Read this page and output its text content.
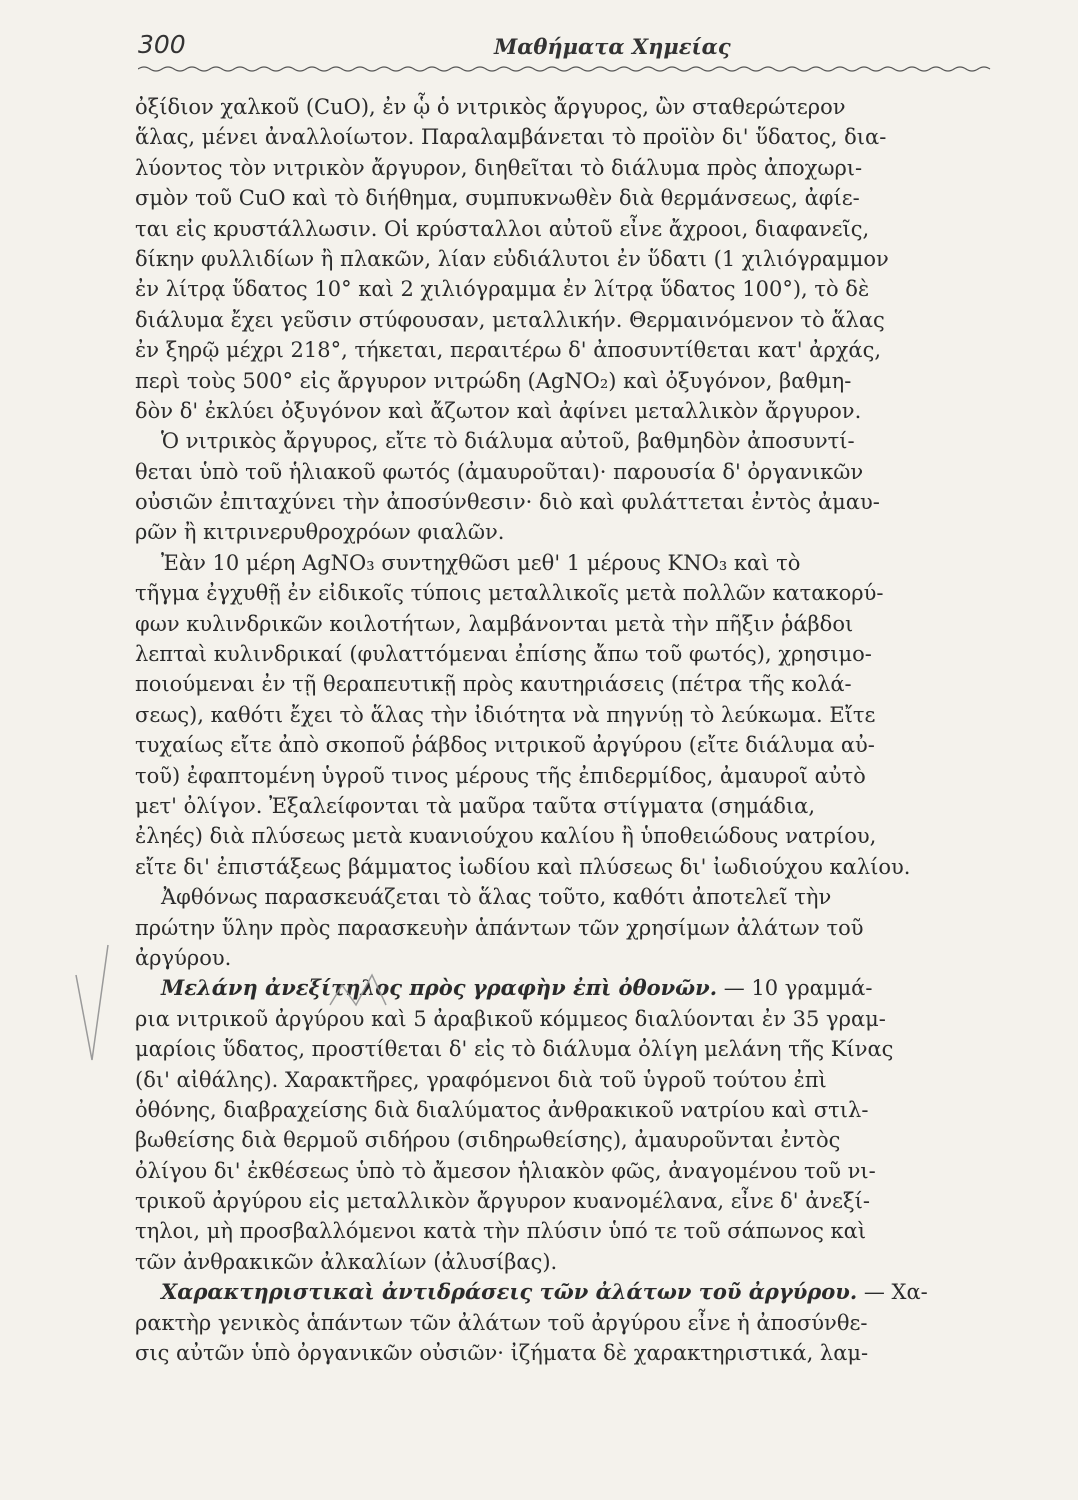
300	Μαθήματα Χημείας
ὀξίδιον χαλκοῦ (CuO), ἐν ᾧ ὁ νιτρικὸς ἄργυρος, ὢν σταθερώτερον
ἅλας, μένει ἀναλλοίωτον. Παραλαμβάνεται τὸ προϊὸν δι' ὕδατος, δια-
λύοντος τὸν νιτρικὸν ἄργυρον, διηθεῖται τὸ διάλυμα πρὸς ἀποχωρι-
σμὸν τοῦ CuO καὶ τὸ διήθημα, συμπυκνωθὲν διὰ θερμάνσεως, ἀφίε-
ται εἰς κρυστάλλωσιν. Οἱ κρύσταλλοι αὐτοῦ εἶνε ἄχροοι, διαφανεῖς,
δίκην φυλλιδίων ἢ πλακῶν, λίαν εὐδιάλυτοι ἐν ὕδατι (1 χιλιόγραμμον
ἐν λίτρᾳ ὕδατος 10° καὶ 2 χιλιόγραμμα ἐν λίτρᾳ ὕδατος 100°), τὸ δὲ
διάλυμα ἔχει γεῦσιν στύφουσαν, μεταλλικήν. Θερμαινόμενον τὸ ἅλας
ἐν ξηρῷ μέχρι 218°, τήκεται, περαιτέρω δ' ἀποσυντίθεται κατ' ἀρχάς,
περὶ τοὺς 500° εἰς ἄργυρον νιτρώδη (AgNO₂) καὶ ὀξυγόνον, βαθμη-
δὸν δ' ἐκλύει ὀξυγόνον καὶ ἄζωτον καὶ ἀφίνει μεταλλικὸν ἄργυρον.
Ὁ νιτρικὸς ἄργυρος, εἴτε τὸ διάλυμα αὐτοῦ, βαθμηδὸν ἀποσυντί-
θεται ὑπὸ τοῦ ἡλιακοῦ φωτός (ἀμαυροῦται)· παρουσία δ' ὀργανικῶν
οὐσιῶν ἐπιταχύνει τὴν ἀποσύνθεσιν· διὸ καὶ φυλάττεται ἐντὸς ἀμαυ-
ρῶν ἢ κιτρινερυθροχρόων φιαλῶν.
Ἐὰν 10 μέρη AgNO₃ συντηχθῶσι μεθ' 1 μέρους KNO₃ καὶ τὸ
τῆγμα ἐγχυθῇ ἐν εἰδικοῖς τύποις μεταλλικοῖς μετὰ πολλῶν κατακορύ-
φων κυλινδρικῶν κοιλοτήτων, λαμβάνονται μετὰ τὴν πῆξιν ῥάβδοι
λεπταὶ κυλινδρικαί (φυλαττόμεναι ἐπίσης ἄπω τοῦ φωτός), χρησιμο-
ποιούμεναι ἐν τῇ θεραπευτικῇ πρὸς καυτηριάσεις (πέτρα τῆς κολά-
σεως), καθότι ἔχει τὸ ἅλας τὴν ἰδιότητα νὰ πηγνύῃ τὸ λεύκωμα. Εἴτε
τυχαίως εἴτε ἀπὸ σκοποῦ ῥάβδος νιτρικοῦ ἀργύρου (εἴτε διάλυμα αὐ-
τοῦ) ἐφαπτομένη ὑγροῦ τινος μέρους τῆς ἐπιδερμίδος, ἀμαυροῖ αὐτὸ
μετ' ὀλίγον. Ἐξαλείφονται τὰ μαῦρα ταῦτα στίγματα (σημάδια,
ἐληές) διὰ πλύσεως μετὰ κυανιούχου καλίου ἢ ὑποθειώδους νατρίου,
εἴτε δι' ἐπιστάξεως βάμματος ἰωδίου καὶ πλύσεως δι' ἰωδιούχου καλίου.
Ἀφθόνως παρασκευάζεται τὸ ἅλας τοῦτο, καθότι ἀποτελεῖ τὴν
πρώτην ὕλην πρὸς παρασκευὴν ἁπάντων τῶν χρησίμων ἀλάτων τοῦ
ἀργύρου.
Μελάνη ἀνεξίτηλος πρὸς γραφὴν ἐπὶ ὀθονῶν. — 10 γραμμά-
ρια νιτρικοῦ ἀργύρου καὶ 5 ἀραβικοῦ κόμμεος διαλύονται ἐν 35 γραμ-
μαρίοις ὕδατος, προστίθεται δ' εἰς τὸ διάλυμα ὀλίγη μελάνη τῆς Κίνας
(δι' αἰθάλης). Χαρακτῆρες, γραφόμενοι διὰ τοῦ ὑγροῦ τούτου ἐπὶ
ὀθόνης, διαβραχείσης διὰ διαλύματος ἀνθρακικοῦ νατρίου καὶ στιλ-
βωθείσης διὰ θερμοῦ σιδήρου (σιδηρωθείσης), ἀμαυροῦνται ἐντὸς
ὀλίγου δι' ἐκθέσεως ὑπὸ τὸ ἄμεσον ἡλιακὸν φῶς, ἀναγομένου τοῦ νι-
τρικοῦ ἀργύρου εἰς μεταλλικὸν ἄργυρον κυανομέλανα, εἶνε δ' ἀνεξί-
τηλοι, μὴ προσβαλλόμενοι κατὰ τὴν πλύσιν ὑπό τε τοῦ σάπωνος καὶ
τῶν ἀνθρακικῶν ἀλκαλίων (ἀλυσίβας).
Χαρακτηριστικαὶ ἀντιδράσεις τῶν ἀλάτων τοῦ ἀργύρου. — Χα-
ρακτὴρ γενικὸς ἁπάντων τῶν ἀλάτων τοῦ ἀργύρου εἶνε ἡ ἀποσύνθε-
σις αὐτῶν ὑπὸ ὀργανικῶν οὐσιῶν· ἰζήματα δὲ χαρακτηριστικά, λαμ-
